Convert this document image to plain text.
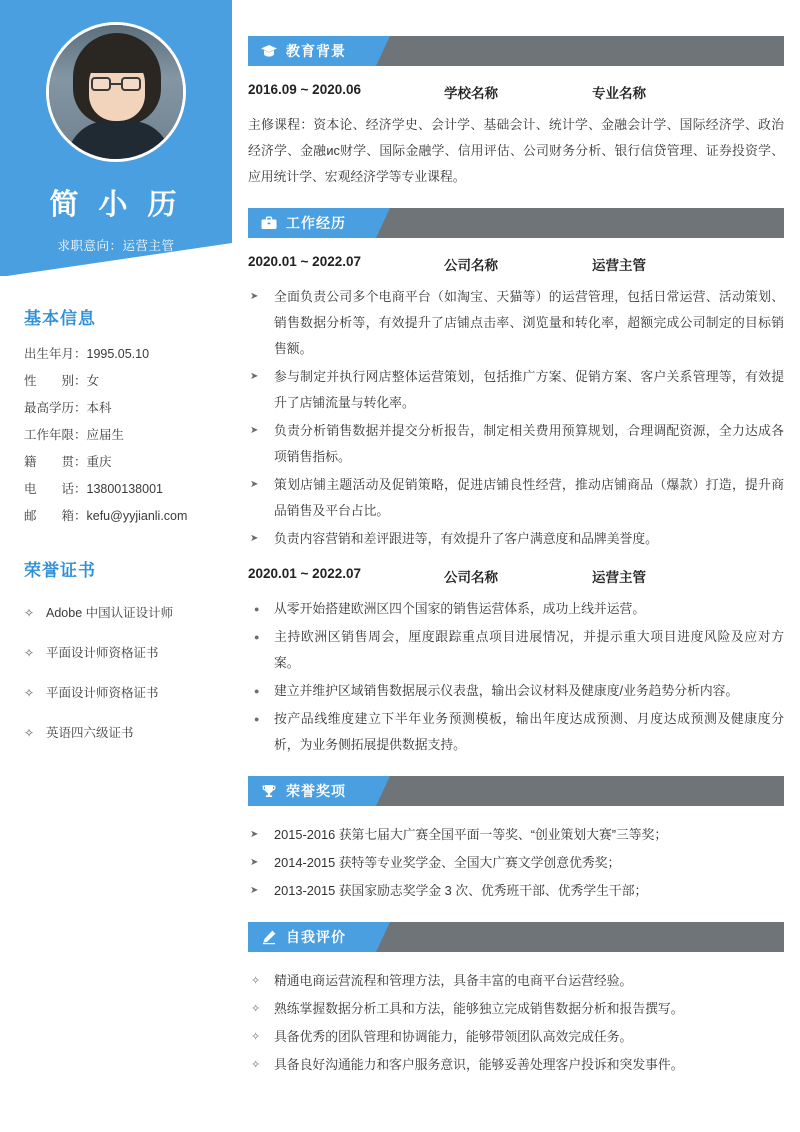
简 小 历
求职意向：运营主管
基本信息
出生年月：1995.05.10
性　　别：女
最高学历：本科
工作年限：应届生
籍　　贯：重庆
电　　话：13800138001
邮　　箱：kefu@yyjianli.com
荣誉证书
✧ Adobe 中国认证设计师
✧ 平面设计师资格证书
✧ 平面设计师资格证书
✧ 英语四六级证书
教育背景
2016.09 ~ 2020.06	学校名称	专业名称
主修课程：资本论、经济学史、会计学、基础会计、统计学、金融会计学、国际经济学、政治经济学、金融ис财学、国际金融学、信用评估、公司财务分析、银行信贷管理、证券投资学、应用统计学、宏观经济学等专业课程。
工作经历
2020.01 ~ 2022.07	公司名称	运营主管
➤ 全面负责公司多个电商平台（如淘宝、天猫等）的运营管理，包括日常运营、活动策划、销售数据分析等，有效提升了店铺点击率、浏览量和转化率，超额完成公司制定的目标销售额。
➤ 参与制定并执行网店整体运营策划，包括推广方案、促销方案、客户关系管理等，有效提升了店铺流量与转化率。
➤ 负责分析销售数据并提交分析报告，制定相关费用预算规划，合理调配资源，全力达成各项销售指标。
➤ 策划店铺主题活动及促销策略，促进店铺良性经营，推动店铺商品（爆款）打造，提升商品销售及平台占比。
➤ 负责内容营销和差评跟进等，有效提升了客户满意度和品牌美誉度。
2020.01 ~ 2022.07	公司名称	运营主管
● 从零开始搭建欧洲区四个国家的销售运营体系，成功上线并运营。
● 主持欧洲区销售周会，厘度跟踪重点项目进展情况，并提示重大项目进度风险及应对方案。
● 建立并维护区域销售数据展示仪表盘，输出会议材料及健康度/业务趋势分析内容。
● 按产品线维度建立下半年业务预测模板，输出年度达成预测、月度达成预测及健康度分析，为业务侧拓展提供数据支持。
荣誉奖项
➤ 2015-2016 获第七届大广赛全国平面一等奖、“创业策划大赛”三等奖；
➤ 2014-2015 获特等专业奖学金、全国大广赛文学创意优秀奖；
➤ 2013-2015 获国家励志奖学金 3 次、优秀班干部、优秀学生干部；
自我评价
✧ 精通电商运营流程和管理方法，具备丰富的电商平台运营经验。
✧ 熟练掌握数据分析工具和方法，能够独立完成销售数据分析和报告撰写。
✧ 具备优秀的团队管理和协调能力，能够带领团队高效完成任务。
✧ 具备良好沟通能力和客户服务意识，能够妥善处理客户投诉和突发事件。
